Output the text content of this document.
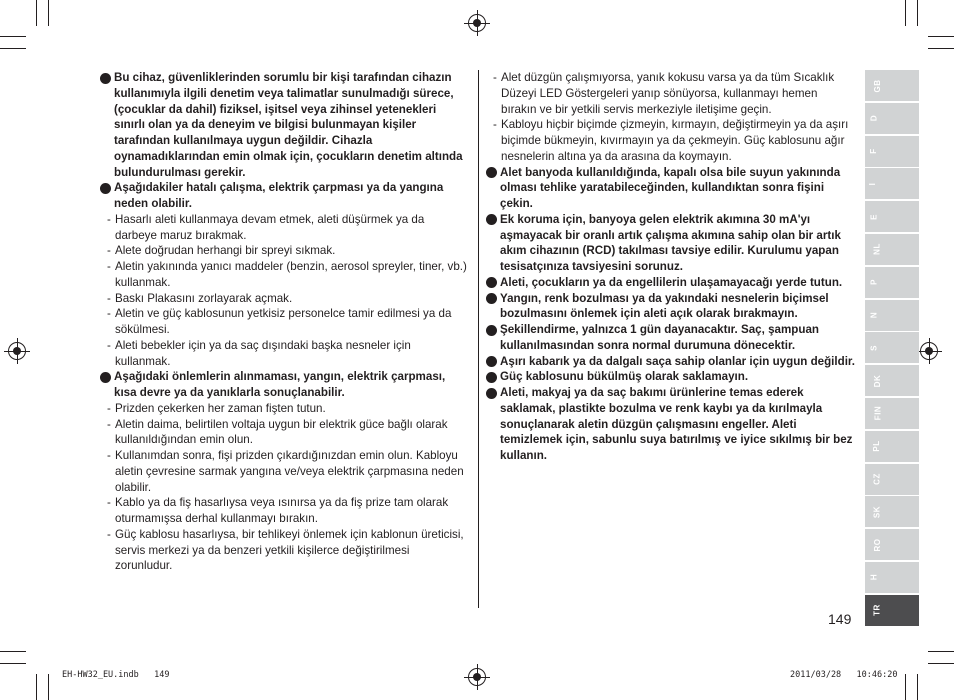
Bu cihaz, güvenliklerinden sorumlu bir kişi tarafından cihazın kullanımıyla ilgili denetim veya talimatlar sunulmadığı sürece, (çocuklar da dahil) fiziksel, işitsel veya zihinsel yetenekleri sınırlı olan ya da deneyim ve bilgisi bulunmayan kişiler tarafından kullanılmaya uygun değildir. Cihazla oynamadıklarından emin olmak için, çocukların denetim altında bulundurulması gerekir.
Aşağıdakiler hatalı çalışma, elektrik çarpması ya da yangına neden olabilir.
- Hasarlı aleti kullanmaya devam etmek, aleti düşürmek ya da darbeye maruz bırakmak.
- Alete doğrudan herhangi bir spreyi sıkmak.
- Aletin yakınında yanıcı maddeler (benzin, aerosol spreyler, tiner, vb.) kullanmak.
- Baskı Plakasını zorlayarak açmak.
- Aletin ve güç kablosunun yetkisiz personelce tamir edilmesi ya da sökülmesi.
- Aleti bebekler için ya da saç dışındaki başka nesneler için kullanmak.
Aşağıdaki önlemlerin alınmaması, yangın, elektrik çarpması, kısa devre ya da yanıklarla sonuçlanabilir.
- Prizden çekerken her zaman fişten tutun.
- Aletin daima, belirtilen voltaja uygun bir elektrik güce bağlı olarak kullanıldığından emin olun.
- Kullanımdan sonra, fişi prizden çıkardığınızdan emin olun. Kabloyu aletin çevresine sarmak yangına ve/veya elektrik çarpmasına neden olabilir.
- Kablo ya da fiş hasarlıysa veya ısınırsa ya da fiş prize tam olarak oturmamışsa derhal kullanmayı bırakın.
- Güç kablosu hasarlıysa, bir tehlikeyi önlemek için kablonun üreticisi, servis merkezi ya da benzeri yetkili kişilerce değiştirilmesi zorunludur.
- Alet düzgün çalışmıyorsa, yanık kokusu varsa ya da tüm Sıcaklık Düzeyi LED Göstergeleri yanıp sönüyorsa, kullanmayı hemen bırakın ve bir yetkili servis merkeziyle iletişime geçin.
- Kabloyu hiçbir biçimde çizmeyin, kırmayın, değiştirmeyin ya da aşırı biçimde bükmeyin, kıvırmayın ya da çekmeyin. Güç kablosunu ağır nesnelerin altına ya da arasına da koymayın.
Alet banyoda kullanıldığında, kapalı olsa bile suyun yakınında olması tehlike yaratabileceğinden, kullandıktan sonra fişini çekin.
Ek koruma için, banyoya gelen elektrik akımına 30 mA'yı aşmayacak bir oranlı artık çalışma akımına sahip olan bir artık akım cihazının (RCD) takılması tavsiye edilir. Kurulumu yapan tesisatçınıza tavsiyesini sorunuz.
Aleti, çocukların ya da engellilerin ulaşamayacağı yerde tutun.
Yangın, renk bozulması ya da yakındaki nesnelerin biçimsel bozulmasını önlemek için aleti açık olarak bırakmayın.
Şekillendirme, yalnızca 1 gün dayanacaktır. Saç, şampuan kullanılmasından sonra normal durumuna dönecektir.
Aşırı kabarık ya da dalgalı saça sahip olanlar için uygun değildir.
Güç kablosunu bükülmüş olarak saklamayın.
Aleti, makyaj ya da saç bakımı ürünlerine temas ederek saklamak, plastikte bozulma ve renk kaybı ya da kırılmayla sonuçlanarak aletin düzgün çalışmasını engeller. Aleti temizlemek için, sabunlu suya batırılmış ve iyice sıkılmış bir bez kullanın.
GB
D
F
I
E
NL
P
N
S
DK
FIN
PL
CZ
SK
RO
H
TR
149
EH-HW32_EU.indb   149	2011/03/28   10:46:20
